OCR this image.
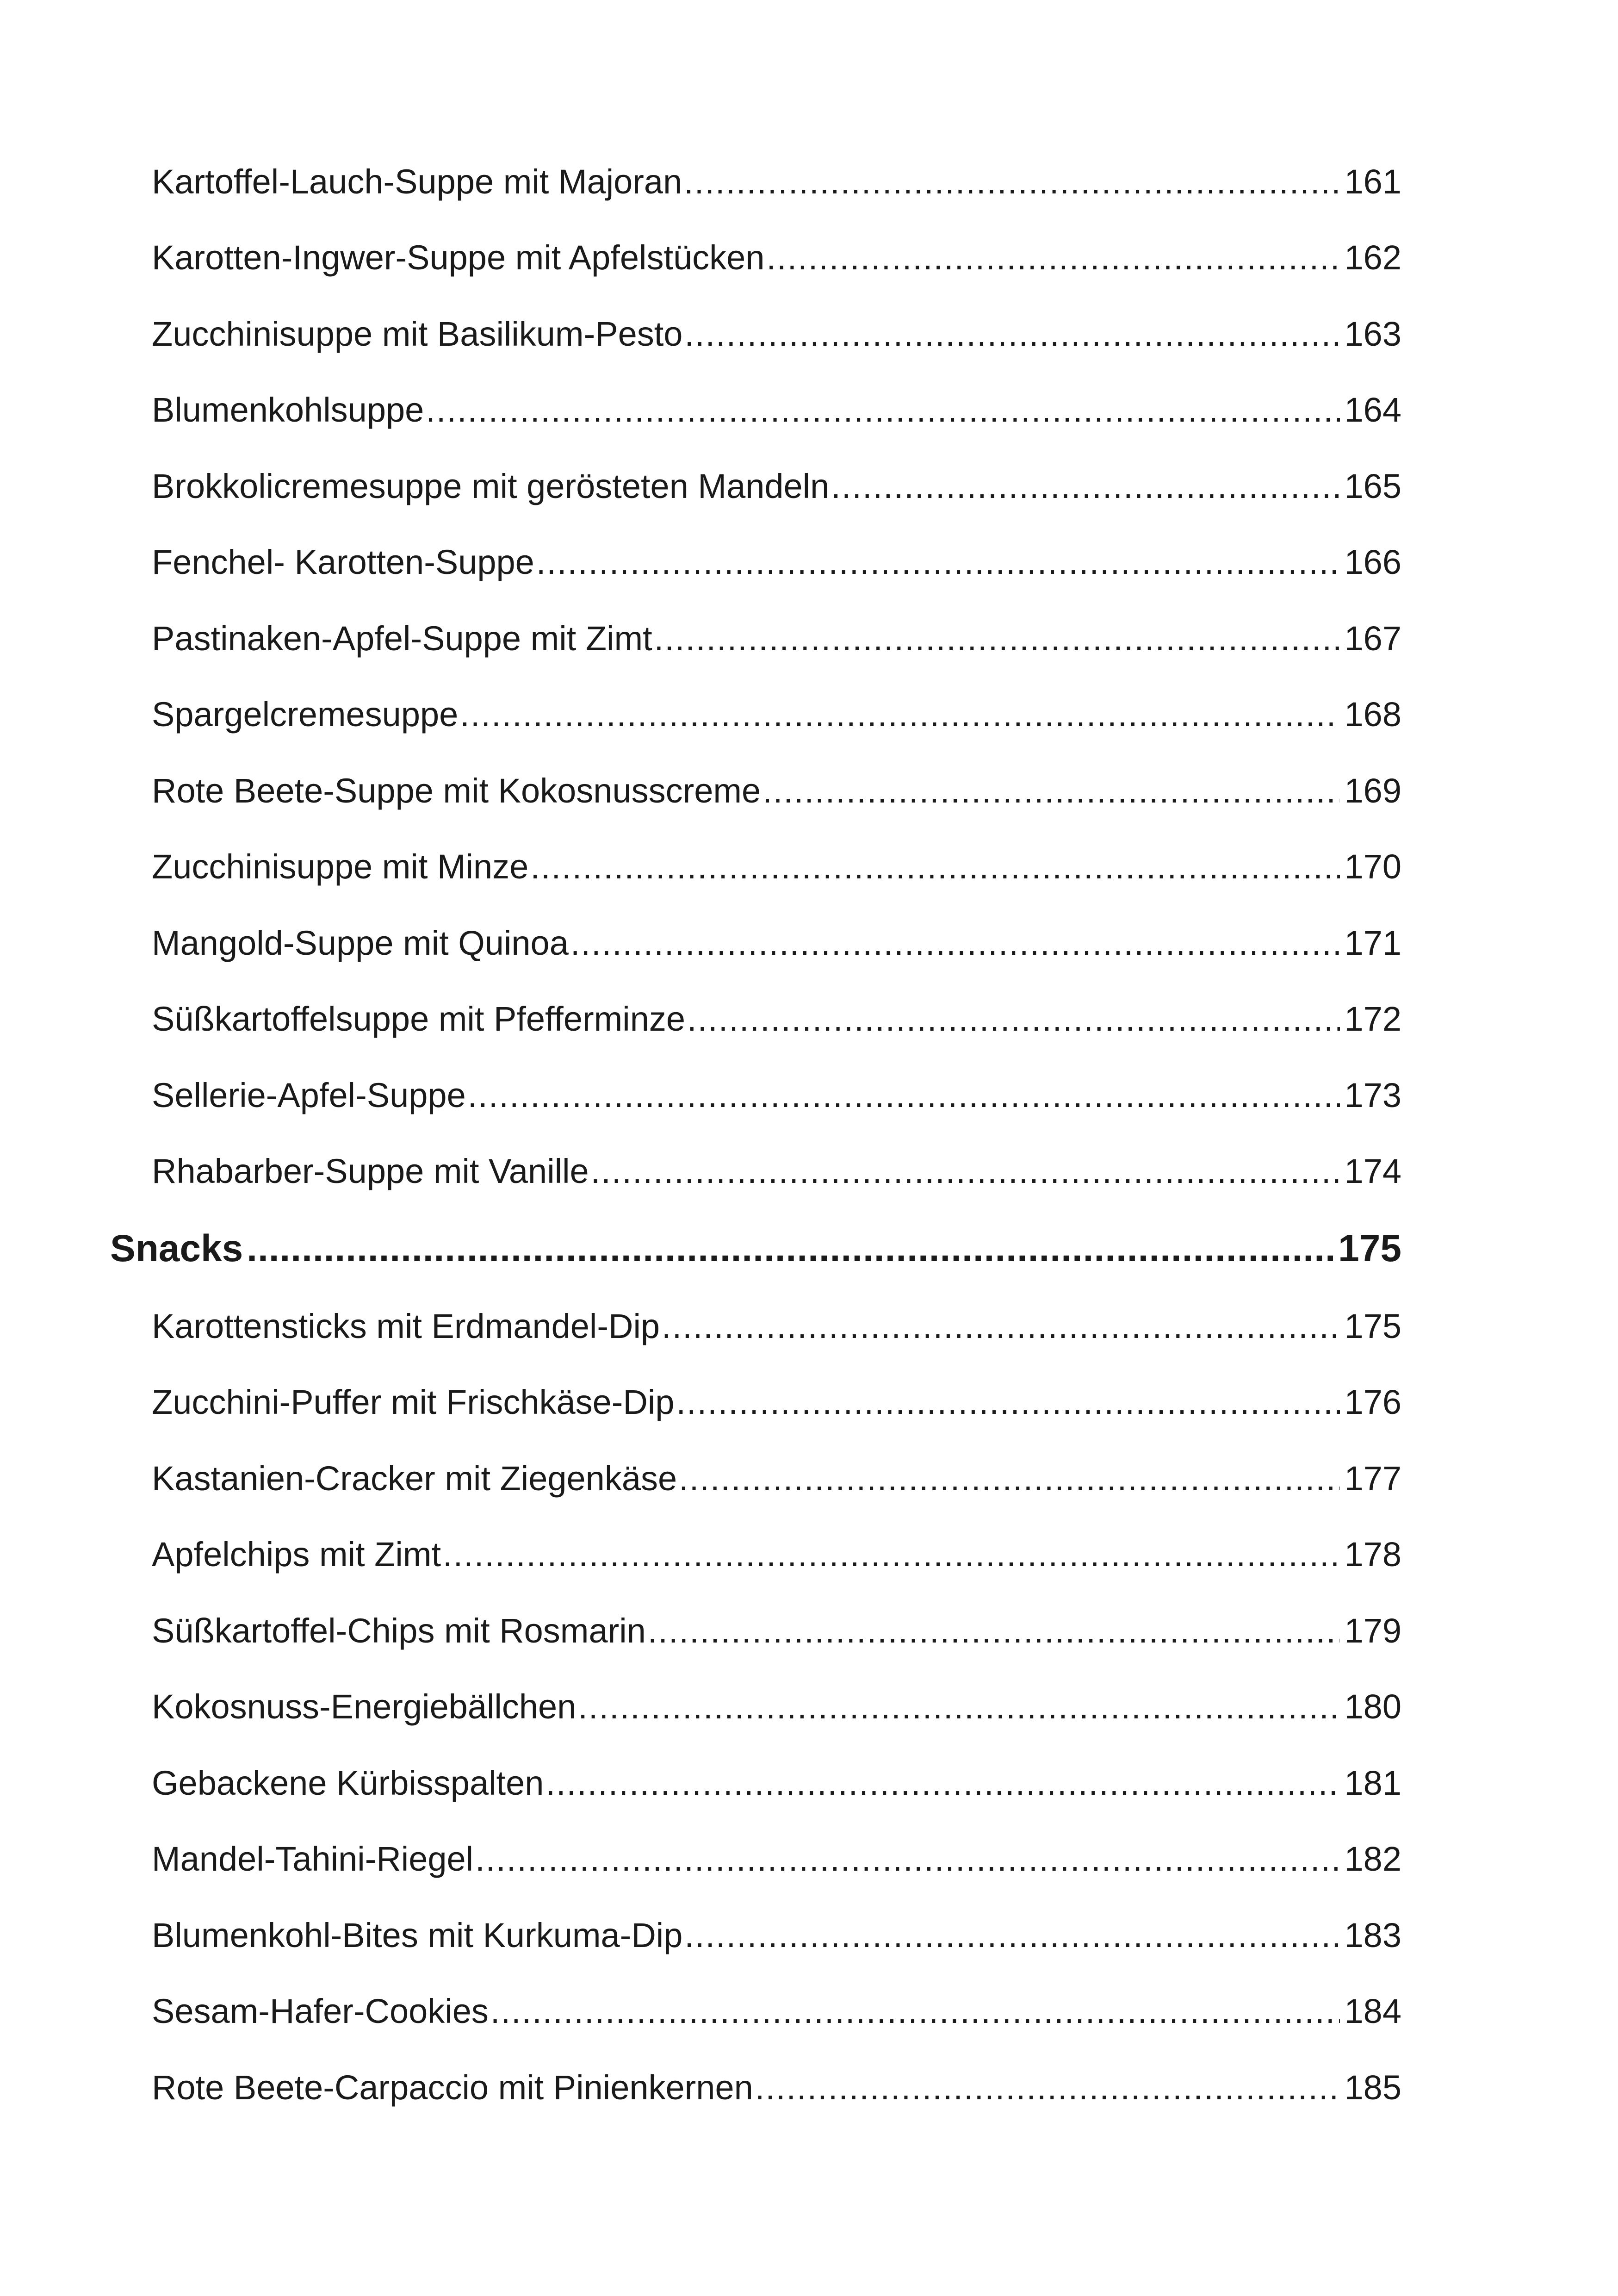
Kartoffel-Lauch-Suppe mit Majoran .....	161
Karotten-Ingwer-Suppe mit Apfelstücken .....	162
Zucchinisuppe mit Basilikum-Pesto .....	163
Blumenkohlsuppe .....	164
Brokkolicremesuppe mit gerösteten Mandeln .....	165
Fenchel- Karotten-Suppe .....	166
Pastinaken-Apfel-Suppe mit Zimt .....	167
Spargelcremesuppe .....	168
Rote Beete-Suppe mit Kokosnusscreme .....	169
Zucchinisuppe mit Minze .....	170
Mangold-Suppe mit Quinoa .....	171
Süßkartoffelsuppe mit Pfefferminze .....	172
Sellerie-Apfel-Suppe .....	173
Rhabarber-Suppe mit Vanille .....	174
Snacks .....	175
Karottensticks mit Erdmandel-Dip .....	175
Zucchini-Puffer mit Frischkäse-Dip .....	176
Kastanien-Cracker mit Ziegenkäse .....	177
Apfelchips mit Zimt .....	178
Süßkartoffel-Chips mit Rosmarin .....	179
Kokosnuss-Energiebällchen .....	180
Gebackene Kürbisspalten .....	181
Mandel-Tahini-Riegel .....	182
Blumenkohl-Bites mit Kurkuma-Dip .....	183
Sesam-Hafer-Cookies .....	184
Rote Beete-Carpaccio mit Pinienkernen .....	185
